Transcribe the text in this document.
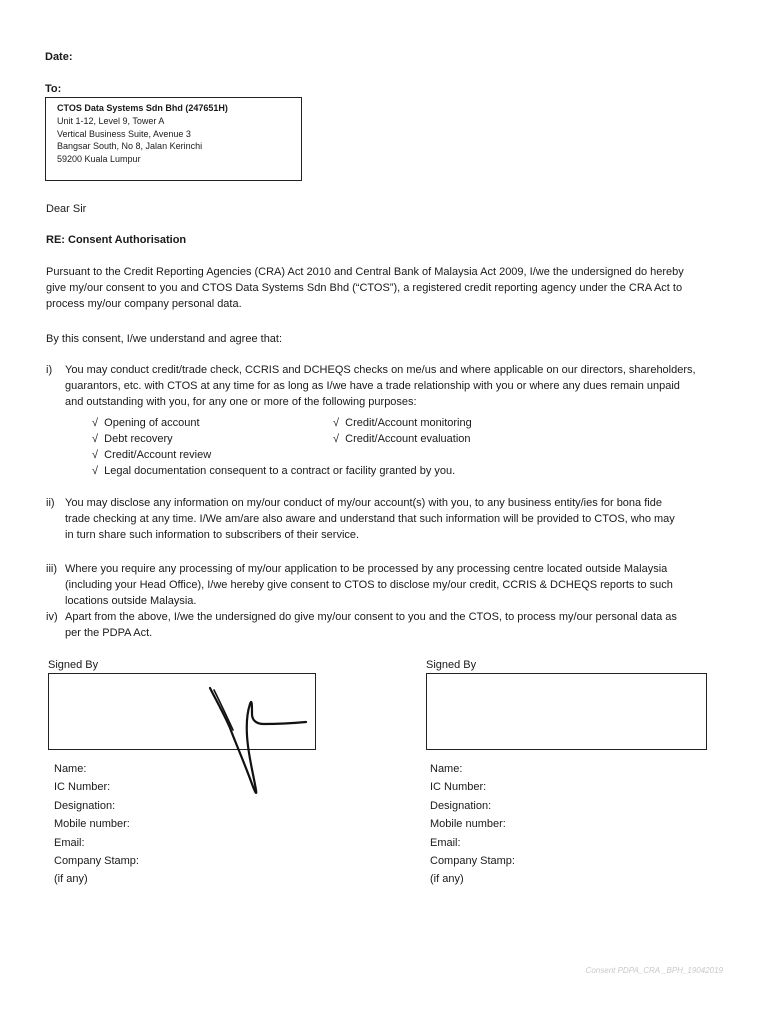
Date:
To:
CTOS Data Systems Sdn Bhd (247651H)
Unit 1-12, Level 9, Tower A
Vertical Business Suite, Avenue 3
Bangsar South, No 8, Jalan Kerinchi
59200 Kuala Lumpur
Dear Sir
RE: Consent Authorisation
Pursuant to the Credit Reporting Agencies (CRA) Act 2010 and Central Bank of Malaysia Act 2009, I/we the undersigned do hereby
give my/our consent to you and CTOS Data Systems Sdn Bhd (“CTOS”), a registered credit reporting agency under the CRA Act to
process my/our company personal data.
By this consent, I/we understand and agree that:
i) You may conduct credit/trade check, CCRIS and DCHEQS checks on me/us and where applicable on our directors, shareholders,
guarantors, etc. with CTOS at any time for as long as I/we have a trade relationship with you or where any dues remain unpaid
and outstanding with you, for any one or more of the following purposes:
√ Opening of account	√ Credit/Account monitoring
√ Debt recovery	√ Credit/Account evaluation
√ Credit/Account review
√ Legal documentation consequent to a contract or facility granted by you.
ii) You may disclose any information on my/our conduct of my/our account(s) with you, to any business entity/ies for bona fide
trade checking at any time. I/We am/are also aware and understand that such information will be provided to CTOS, who may
in turn share such information to subscribers of their service.
iii) Where you require any processing of my/our application to be processed by any processing centre located outside Malaysia
(including your Head Office), I/we hereby give consent to CTOS to disclose my/our credit, CCRIS & DCHEQS reports to such
locations outside Malaysia.
iv) Apart from the above, I/we the undersigned do give my/our consent to you and the CTOS, to process my/our personal data as
per the PDPA Act.
Signed By
Name:
IC Number:
Designation:
Mobile number:
Email:
Company Stamp:
(if any)
Signed By
Name:
IC Number:
Designation:
Mobile number:
Email:
Company Stamp:
(if any)
Consent PDPA_CRA _BPH_19042019
